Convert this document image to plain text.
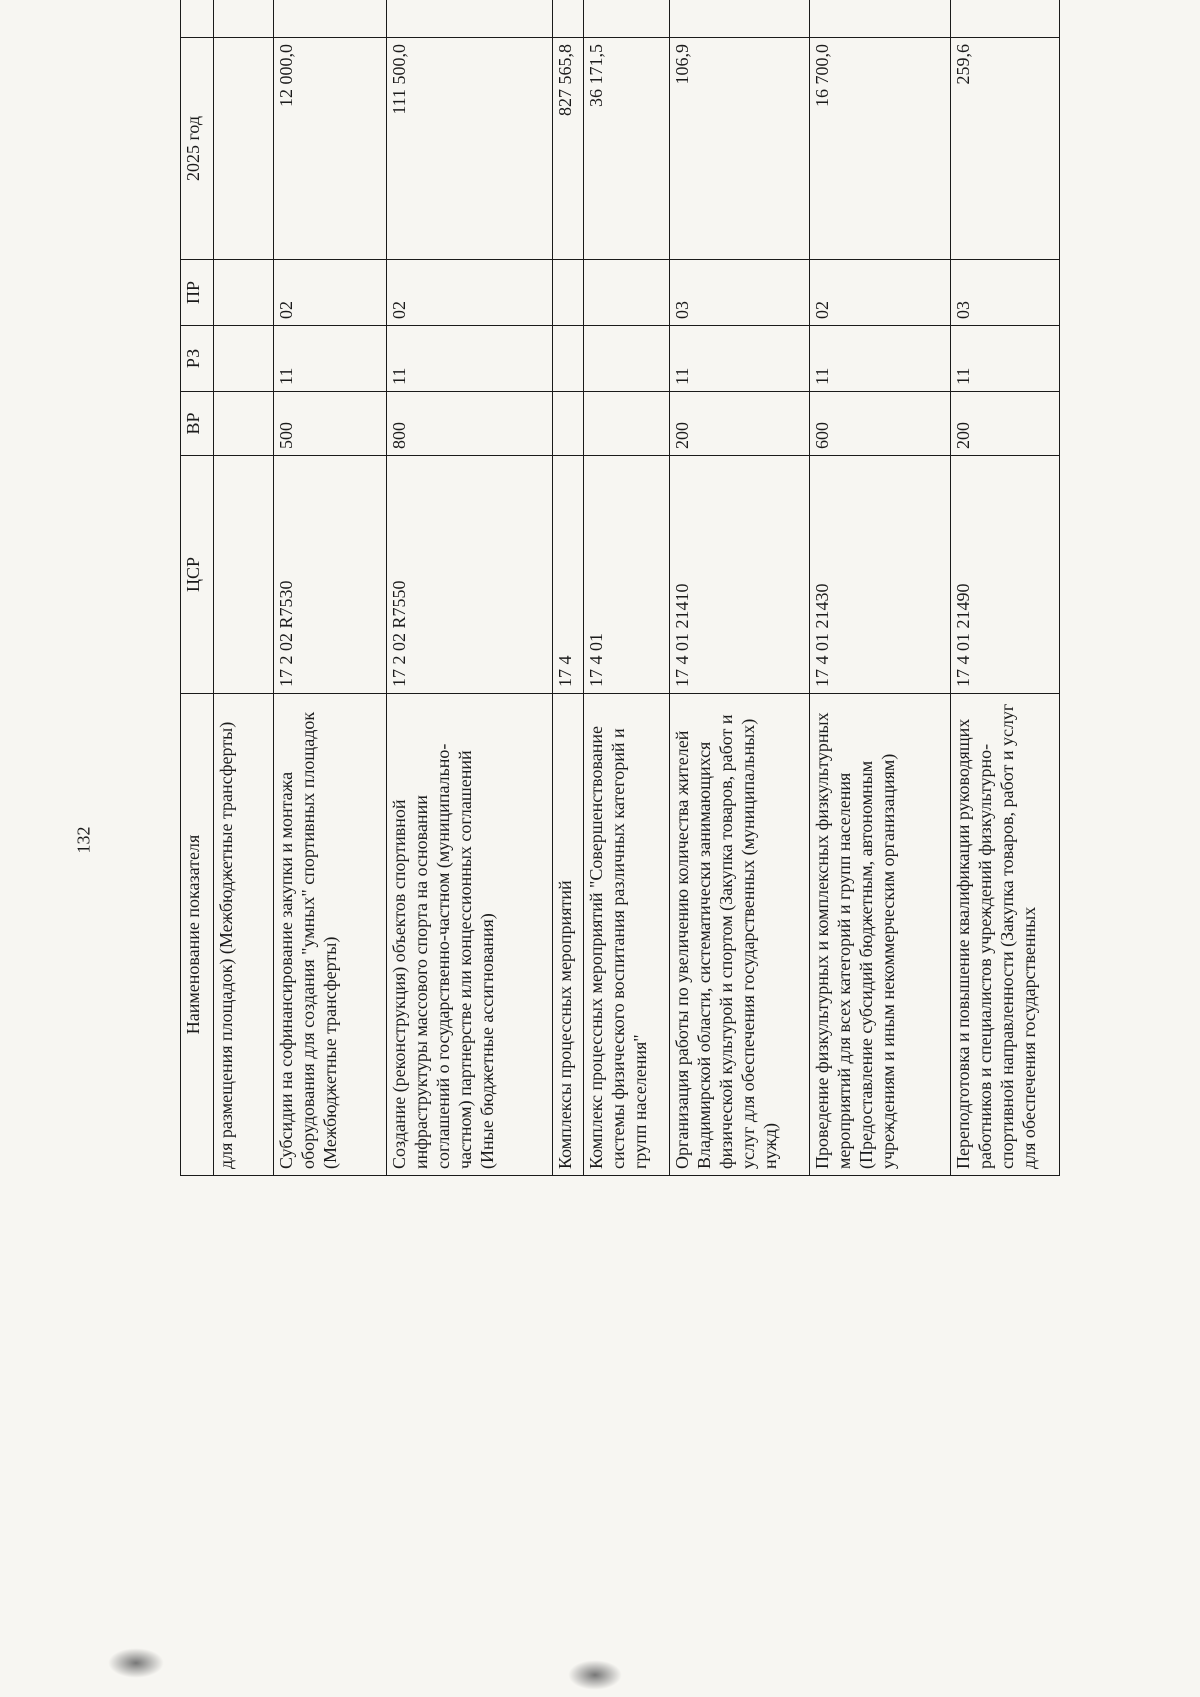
132	Наименование показателя	ЦСР	ВР	РЗ	ПР	2025 год		
для размещения площадок) (Межбюджетные трансферты)							
Субсидии на софинансирование закупки и монтажа оборудования для создания "умных" спортивных площадок (Межбюджетные трансферты)	17 2 02 R7530	500	11	02	12 000,0		
Создание (реконструкция) объектов спортивной инфраструктуры массового спорта на основании соглашений о государственно-частном (муниципально-частном) партнерстве или концессионных соглашений (Иные бюджетные ассигнования)	17 2 02 R7550	800	11	02	111 500,0		
Комплексы процессных мероприятий	17 4				827 565,8		
Комплекс процессных мероприятий "Совершенствование системы физического воспитания различных категорий и групп населения"	17 4 01				36 171,5		
Организация работы по увеличению количества жителей Владимирской области, систематически занимающихся физической культурой и спортом (Закупка товаров, работ и услуг для обеспечения государственных (муниципальных) нужд)	17 4 01 21410	200	11	03	106,9		
Проведение физкультурных и комплексных физкультурных мероприятий для всех категорий и групп населения (Предоставление субсидий бюджетным, автономным учреждениям и иным некоммерческим организациям)	17 4 01 21430	600	11	02	16 700,0		
Переподготовка и повышение квалификации руководящих работников и специалистов учреждений физкультурно-спортивной направленности (Закупка товаров, работ и услуг для обеспечения государственных	17 4 01 21490	200	11	03	259,6		
